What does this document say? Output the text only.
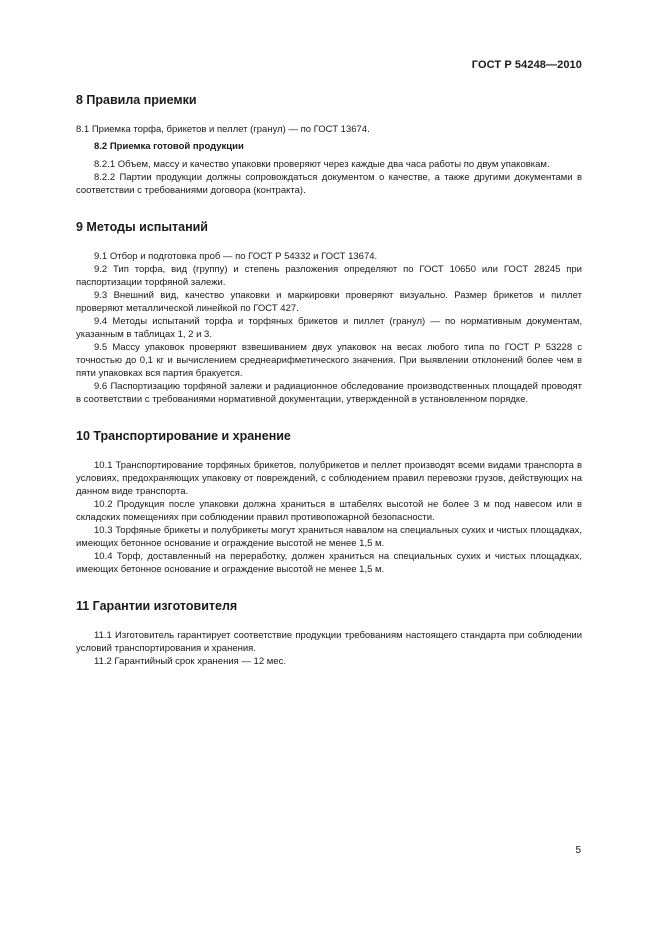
ГОСТ Р 54248—2010
8 Правила приемки

8.1 Приемка торфа, брикетов и пеллет (гранул) — по ГОСТ 13674.

8.2 Приемка готовой продукции

8.2.1 Объем, массу и качество упаковки проверяют через каждые два часа работы по двум упаковкам.

8.2.2 Партии продукции должны сопровождаться документом о качестве, а также другими документами в соответствии с требованиями договора (контракта).

9 Методы испытаний

9.1 Отбор и подготовка проб — по ГОСТ Р 54332 и ГОСТ 13674.

9.2 Тип торфа, вид (группу) и степень разложения определяют по ГОСТ 10650 или ГОСТ 28245 при паспортизации торфяной залежи.

9.3 Внешний вид, качество упаковки и маркировки проверяют визуально. Размер брикетов и пиллет проверяют металлической линейкой по ГОСТ 427.

9.4 Методы испытаний торфа и торфяных брикетов и пиллет (гранул) — по нормативным документам, указанным в таблицах 1, 2 и 3.

9.5 Массу упаковок проверяют взвешиванием двух упаковок на весах любого типа по ГОСТ Р 53228 с точностью до 0,1 кг и вычислением среднеарифметического значения. При выявлении отклонений более чем в пяти упаковках вся партия бракуется.

9.6 Паспортизацию торфяной залежи и радиационное обследование производственных площадей проводят в соответствии с требованиями нормативной документации, утвержденной в установленном порядке.

10 Транспортирование и хранение

10.1 Транспортирование торфяных брикетов, полубрикетов и пеллет производят всеми видами транспорта в условиях, предохраняющих упаковку от повреждений, с соблюдением правил перевозки грузов, действующих на данном виде транспорта.

10.2 Продукция после упаковки должна храниться в штабелях высотой не более 3 м под навесом или в складских помещениях при соблюдении правил противопожарной безопасности.

10.3 Торфяные брикеты и полубрикеты могут храниться навалом на специальных сухих и чистых площадках, имеющих бетонное основание и ограждение высотой не менее 1,5 м.

10.4 Торф, доставленный на переработку, должен храниться на специальных сухих и чистых площадках, имеющих бетонное основание и ограждение высотой не менее 1,5 м.

11 Гарантии изготовителя

11.1 Изготовитель гарантирует соответствие продукции требованиям настоящего стандарта при соблюдении условий транспортирования и хранения.

11.2 Гарантийный срок хранения — 12 мес.

5
